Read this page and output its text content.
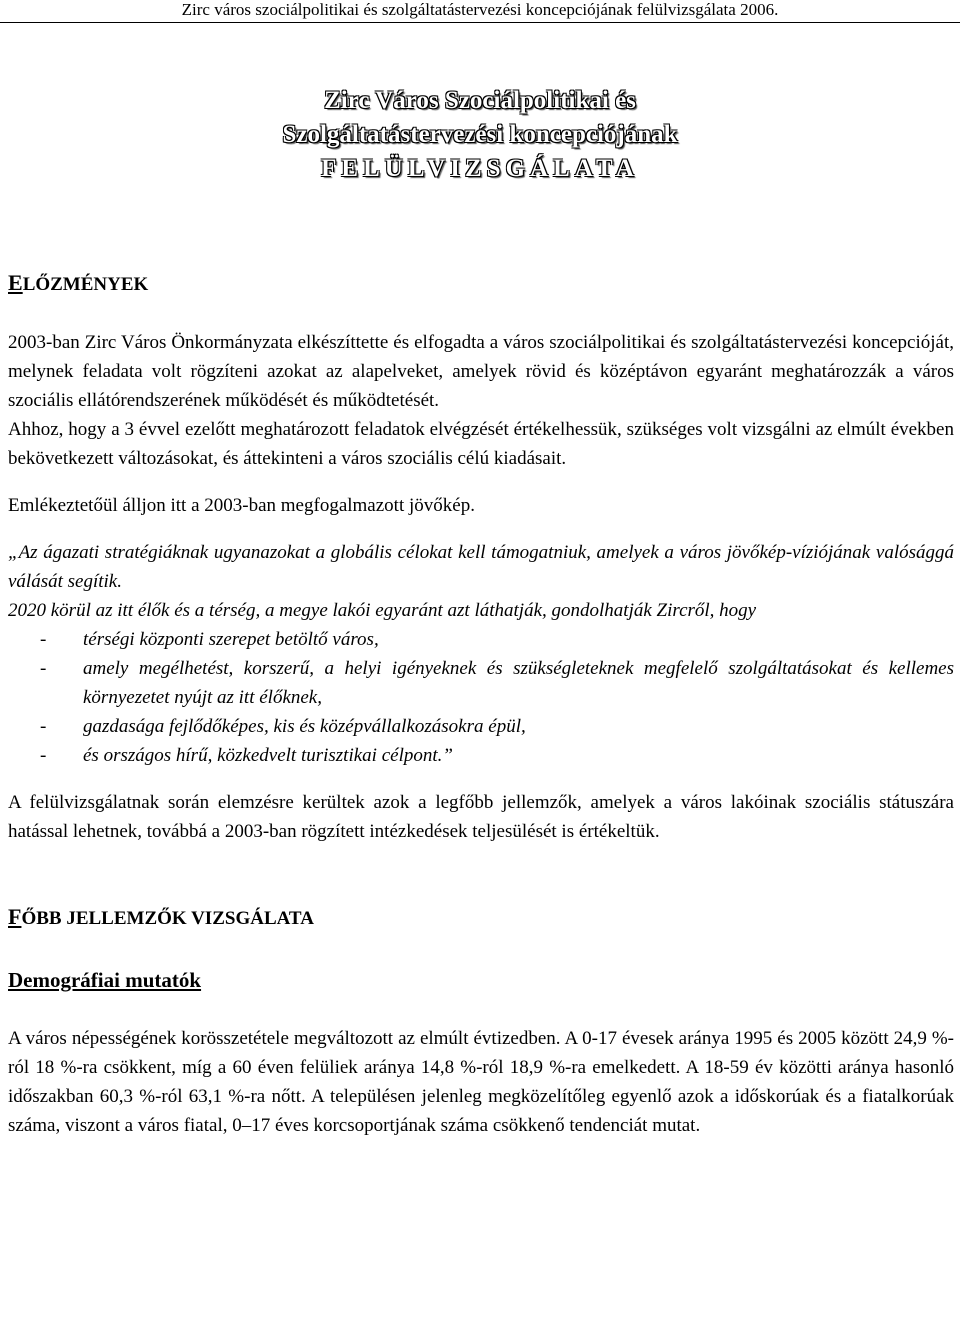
Zirc város szociálpolitikai és szolgáltatástervezési koncepciójának felülvizsgálata 2006.
Zirc Város Szociálpolitikai és
Szolgáltatástervezési koncepciójának
FELÜLVIZSGÁLATA
ELŐZMÉNYEK

2003-ban Zirc Város Önkormányzata elkészíttette és elfogadta a város szociálpolitikai és szolgáltatástervezési koncepcióját, melynek feladata volt rögzíteni azokat az alapelveket, amelyek rövid és középtávon egyaránt meghatározzák a város szociális ellátórendszerének működését és működtetését.

Ahhoz, hogy a 3 évvel ezelőtt meghatározott feladatok elvégzését értékelhessük, szükséges volt vizsgálni az elmúlt években bekövetkezett változásokat, és áttekinteni a város szociális célú kiadásait.

Emlékeztetőül álljon itt a 2003-ban megfogalmazott jövőkép.

„Az ágazati stratégiáknak ugyanazokat a globális célokat kell támogatniuk, amelyek a város jövőkép-víziójának valósággá válását segítik.

2020 körül az itt élők és a térség, a megye lakói egyaránt azt láthatják, gondolhatják Zircről, hogy

- térségi központi szerepet betöltő város,
- amely megélhetést, korszerű, a helyi igényeknek és szükségleteknek megfelelő szolgáltatásokat és kellemes környezetet nyújt az itt élőknek,
- gazdasága fejlődőképes, kis és középvállalkozásokra épül,
- és országos hírű, közkedvelt turisztikai célpont.”

A felülvizsgálatnak során elemzésre kerültek azok a legfőbb jellemzők, amelyek a város lakóinak szociális státuszára hatással lehetnek, továbbá a 2003-ban rögzített intézkedések teljesülését is értékeltük.

FŐBB JELLEMZŐK VIZSGÁLATA
Demográfiai mutatók

A város népességének korösszetétele megváltozott az elmúlt évtizedben. A 0-17 évesek aránya 1995 és 2005 között 24,9 %-ról 18 %-ra csökkent, míg a 60 éven felüliek aránya 14,8 %-ról 18,9 %-ra emelkedett. A 18-59 év közötti aránya hasonló időszakban 60,3 %-ról 63,1 %-ra nőtt. A településen jelenleg megközelítőleg egyenlő azok a időskorúak és a fiatalkorúak száma, viszont a város fiatal, 0–17 éves korcsoportjának száma csökkenő tendenciát mutat.
